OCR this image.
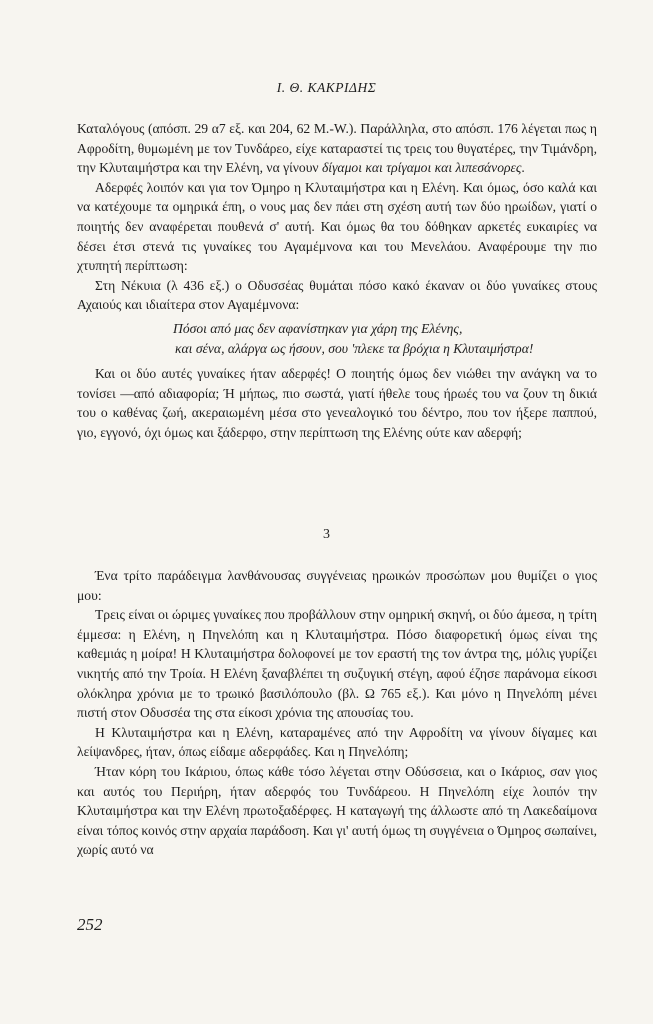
Ι. Θ. ΚΑΚΡΙΔΗΣ

Καταλόγους (απόσπ. 29 α7 εξ. και 204, 62 Μ.-W.). Παράλληλα, στο απόσπ. 176 λέγεται πως η Αφροδίτη, θυμωμένη με τον Τυνδάρεο, είχε καταραστεί τις τρεις του θυγατέρες, την Τιμάνδρη, την Κλυταιμήστρα και την Ελένη, να γίνουν δίγαμοι και τρίγαμοι και λιπεσάνορες.

Αδερφές λοιπόν και για τον Όμηρο η Κλυταιμήστρα και η Ελένη. Και όμως, όσο καλά και να κατέχουμε τα ομηρικά έπη, ο νους μας δεν πάει στη σχέση αυτή των δύο ηρωίδων, γιατί ο ποιητής δεν αναφέρεται πουθενά σ' αυτή. Και όμως θα του δόθηκαν αρκετές ευκαιρίες να δέσει έτσι στενά τις γυναίκες του Αγαμέμνονα και του Μενελάου. Αναφέρουμε την πιο χτυπητή περίπτωση:

Στη Νέκυια (λ 436 εξ.) ο Οδυσσέας θυμάται πόσο κακό έκαναν οι δύο γυναίκες στους Αχαιούς και ιδιαίτερα στον Αγαμέμνονα:

Πόσοι από μας δεν αφανίστηκαν για χάρη της Ελένης,
και σένα, αλάργα ως ήσουν, σου 'πλεκε τα βρόχια η Κλυταιμήστρα!

Και οι δύο αυτές γυναίκες ήταν αδερφές! Ο ποιητής όμως δεν νιώθει την ανάγκη να το τονίσει —από αδιαφορία; Ή μήπως, πιο σωστά, γιατί ήθελε τους ήρωές του να ζουν τη δικιά του ο καθένας ζωή, ακεραιωμένη μέσα στο γενεαλογικό του δέντρο, που τον ήξερε παππού, γιο, εγγονό, όχι όμως και ξάδερφο, στην περίπτωση της Ελένης ούτε καν αδερφή;

3

Ένα τρίτο παράδειγμα λανθάνουσας συγγένειας ηρωικών προσώπων μου θυμίζει ο γιος μου:

Τρεις είναι οι ώριμες γυναίκες που προβάλλουν στην ομηρική σκηνή, οι δύο άμεσα, η τρίτη έμμεσα: η Ελένη, η Πηνελόπη και η Κλυταιμήστρα. Πόσο διαφορετική όμως είναι της καθεμιάς η μοίρα! Η Κλυταιμήστρα δολοφονεί με τον εραστή της τον άντρα της, μόλις γυρίζει νικητής από την Τροία. Η Ελένη ξαναβλέπει τη συζυγική στέγη, αφού έζησε παράνομα είκοσι ολόκληρα χρόνια με το τρωικό βασιλόπουλο (βλ. Ω 765 εξ.). Και μόνο η Πηνελόπη μένει πιστή στον Οδυσσέα της στα είκοσι χρόνια της απουσίας του.

Η Κλυταιμήστρα και η Ελένη, καταραμένες από την Αφροδίτη να γίνουν δίγαμες και λείψανδρες, ήταν, όπως είδαμε αδερφάδες. Και η Πηνελόπη;

Ήταν κόρη του Ικάριου, όπως κάθε τόσο λέγεται στην Οδύσσεια, και ο Ικάριος, σαν γιος και αυτός του Περιήρη, ήταν αδερφός του Τυνδάρεου. Η Πηνελόπη είχε λοιπόν την Κλυταιμήστρα και την Ελένη πρωτοξαδέρφες. Η καταγωγή της άλλωστε από τη Λακεδαίμονα είναι τόπος κοινός στην αρχαία παράδοση. Και γι' αυτή όμως τη συγγένεια ο Όμηρος σωπαίνει, χωρίς αυτό να

252
